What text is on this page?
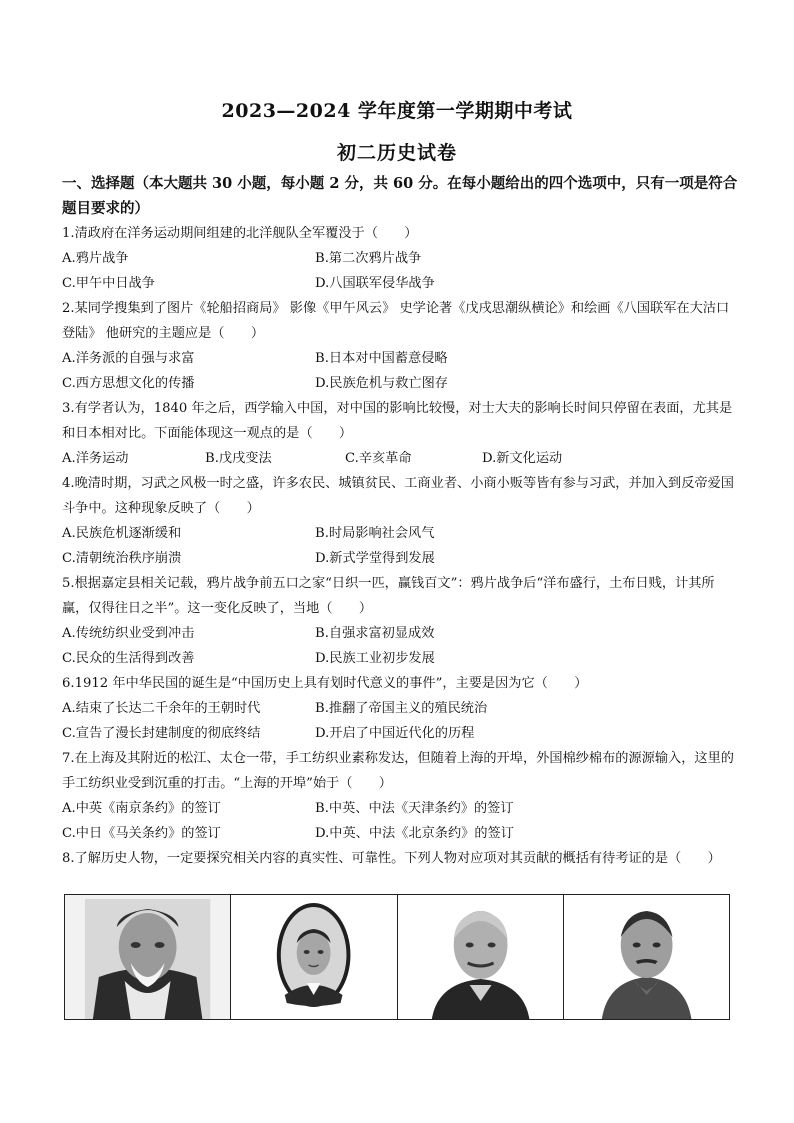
2023—2024 学年度第一学期期中考试
初二历史试卷
一、选择题（本大题共 30 小题，每小题 2 分，共 60 分。在每小题给出的四个选项中，只有一项是符合题目要求的）
1.清政府在洋务运动期间组建的北洋舰队全军覆没于（　　）
A.鸦片战争	B.第二次鸦片战争
C.甲午中日战争	D.八国联军侵华战争
2.某同学搜集到了图片《轮船招商局》 影像《甲午风云》 史学论著《戊戌思潮纵横论》和绘画《八国联军在大沽口登陆》 他研究的主题应是（　　）
A.洋务派的自强与求富	B.日本对中国蓄意侵略
C.西方思想文化的传播	D.民族危机与救亡图存
3.有学者认为，1840 年之后，西学输入中国，对中国的影响比较慢，对士大夫的影响长时间只停留在表面，尤其是和日本相对比。下面能体现这一观点的是（　　）
A.洋务运动	B.戊戌变法	C.辛亥革命	D.新文化运动
4.晚清时期，习武之风极一时之盛，许多农民、城镇贫民、工商业者、小商小贩等皆有参与习武，并加入到反帝爱国斗争中。这种现象反映了（　　）
A.民族危机逐渐缓和	B.时局影响社会风气
C.清朝统治秩序崩溃	D.新式学堂得到发展
5.根据嘉定县相关记载，鸦片战争前五口之家“日织一匹，赢钱百文”：鸦片战争后“洋布盛行，土布日贱，计其所赢，仅得往日之半”。这一变化反映了，当地（　　）
A.传统纺织业受到冲击	B.自强求富初显成效
C.民众的生活得到改善	D.民族工业初步发展
6.1912 年中华民国的诞生是“中国历史上具有划时代意义的事件”，主要是因为它（　　）
A.结束了长达二千余年的王朝时代	B.推翻了帝国主义的殖民统治
C.宣告了漫长封建制度的彻底终结	D.开启了中国近代化的历程
7.在上海及其附近的松江、太仓一带，手工纺织业素称发达，但随着上海的开埠，外国棉纱棉布的源源输入，这里的手工纺织业受到沉重的打击。“上海的开埠”始于（　　）
A.中英《南京条约》的签订	B.中英、中法《天津条约》的签订
C.中日《马关条约》的签订	D.中英、中法《北京条约》的签订
8.了解历史人物，一定要探究相关内容的真实性、可靠性。下列人物对应项对其贡献的概括有待考证的是（　　）
